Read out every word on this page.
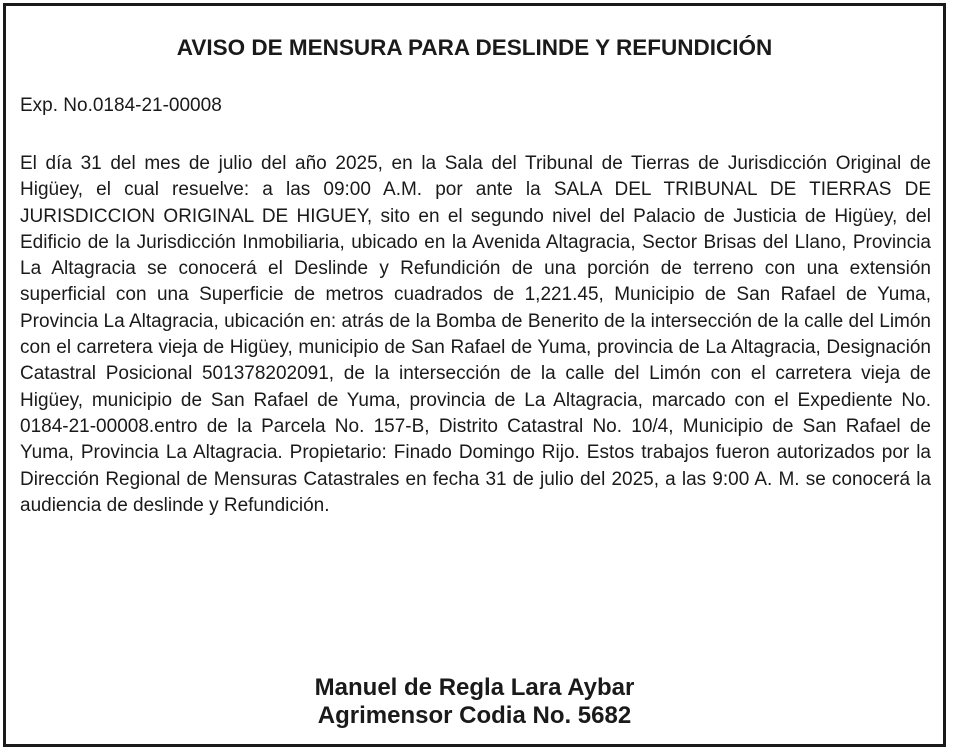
AVISO DE MENSURA PARA DESLINDE Y REFUNDICIÓN

Exp. No.0184-21-00008

El día 31 del mes de julio del año 2025, en la Sala del Tribunal de Tierras de Jurisdicción Original de Higüey, el cual resuelve: a las 09:00 A.M. por ante la SALA DEL TRIBUNAL DE TIERRAS DE JURISDICCION ORIGINAL DE HIGUEY, sito en el segundo nivel del Palacio de Justicia de Higüey, del Edificio de la Jurisdicción Inmobiliaria, ubicado en la Avenida Altagracia, Sector Brisas del Llano, Provincia La Altagracia se conocerá el Deslinde y Refundición de una porción de terreno con una extensión superficial con una Superficie de metros cuadrados de 1,221.45, Municipio de San Rafael de Yuma, Provincia La Altagracia, ubicación en: atrás de la Bomba de Benerito de la intersección de la calle del Limón con el carretera vieja de Higüey, municipio de San Rafael de Yuma, provincia de La Altagracia, Designación Catastral Posicional 501378202091, de la intersección de la calle del Limón con el carretera vieja de Higüey, municipio de San Rafael de Yuma, provincia de La Altagracia, marcado con el Expediente No. 0184-21-00008.entro de la Parcela No. 157-B, Distrito Catastral No. 10/4, Municipio de San Rafael de Yuma, Provincia La Altagracia. Propietario: Finado Domingo Rijo. Estos trabajos fueron autorizados por la Dirección Regional de Mensuras Catastrales en fecha 31 de julio del 2025, a las 9:00 A. M. se conocerá la audiencia de deslinde y Refundición.

Manuel de Regla Lara Aybar
Agrimensor Codia No. 5682
